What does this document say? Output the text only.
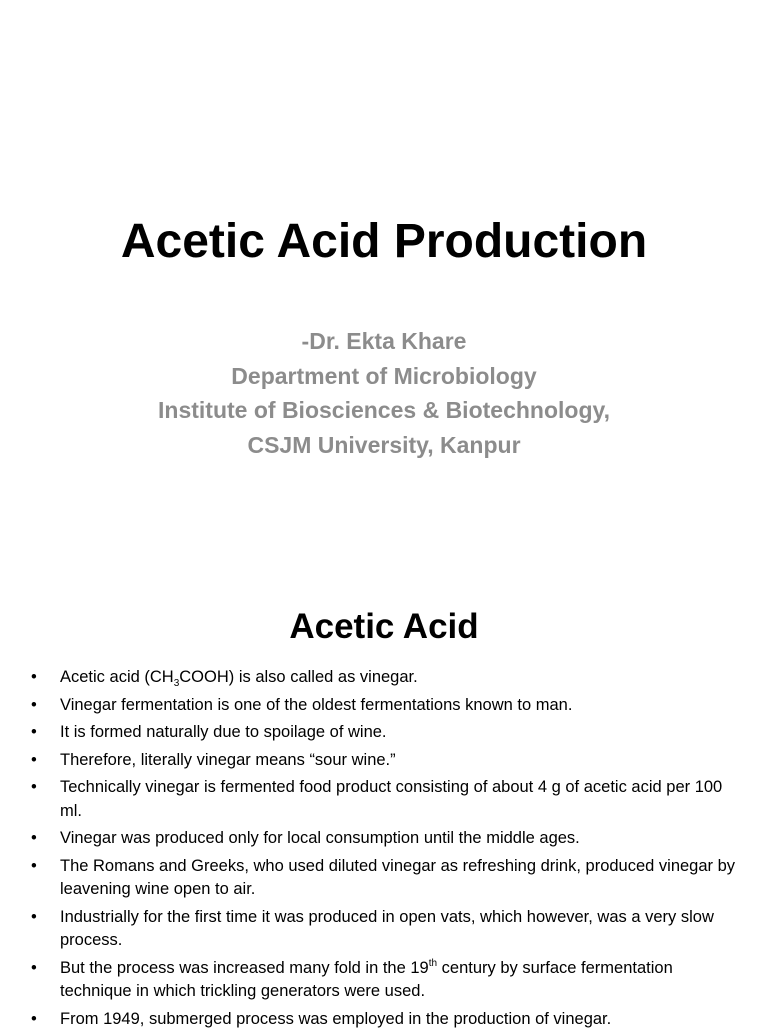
Acetic Acid Production
-Dr. Ekta Khare
Department of Microbiology
Institute of Biosciences & Biotechnology,
CSJM University, Kanpur
Acetic Acid
• Acetic acid $(CH_3COOH)$ is also called as vinegar.
• Vinegar fermentation is one of the oldest fermentations known to man.
• It is formed naturally due to spoilage of wine.
• Therefore, literally vinegar means “sour wine.”
• Technically vinegar is fermented food product consisting of about 4 g of acetic acid per 100 ml.
• Vinegar was produced only for local consumption until the middle ages.
• The Romans and Greeks, who used diluted vinegar as refreshing drink, produced vinegar by leavening wine open to air.
• Industrially for the first time it was produced in open vats, which however, was a very slow process.
• But the process was increased many fold in the 19th century by surface fermentation technique in which trickling generators were used.
• From 1949, submerged process was employed in the production of vinegar.
